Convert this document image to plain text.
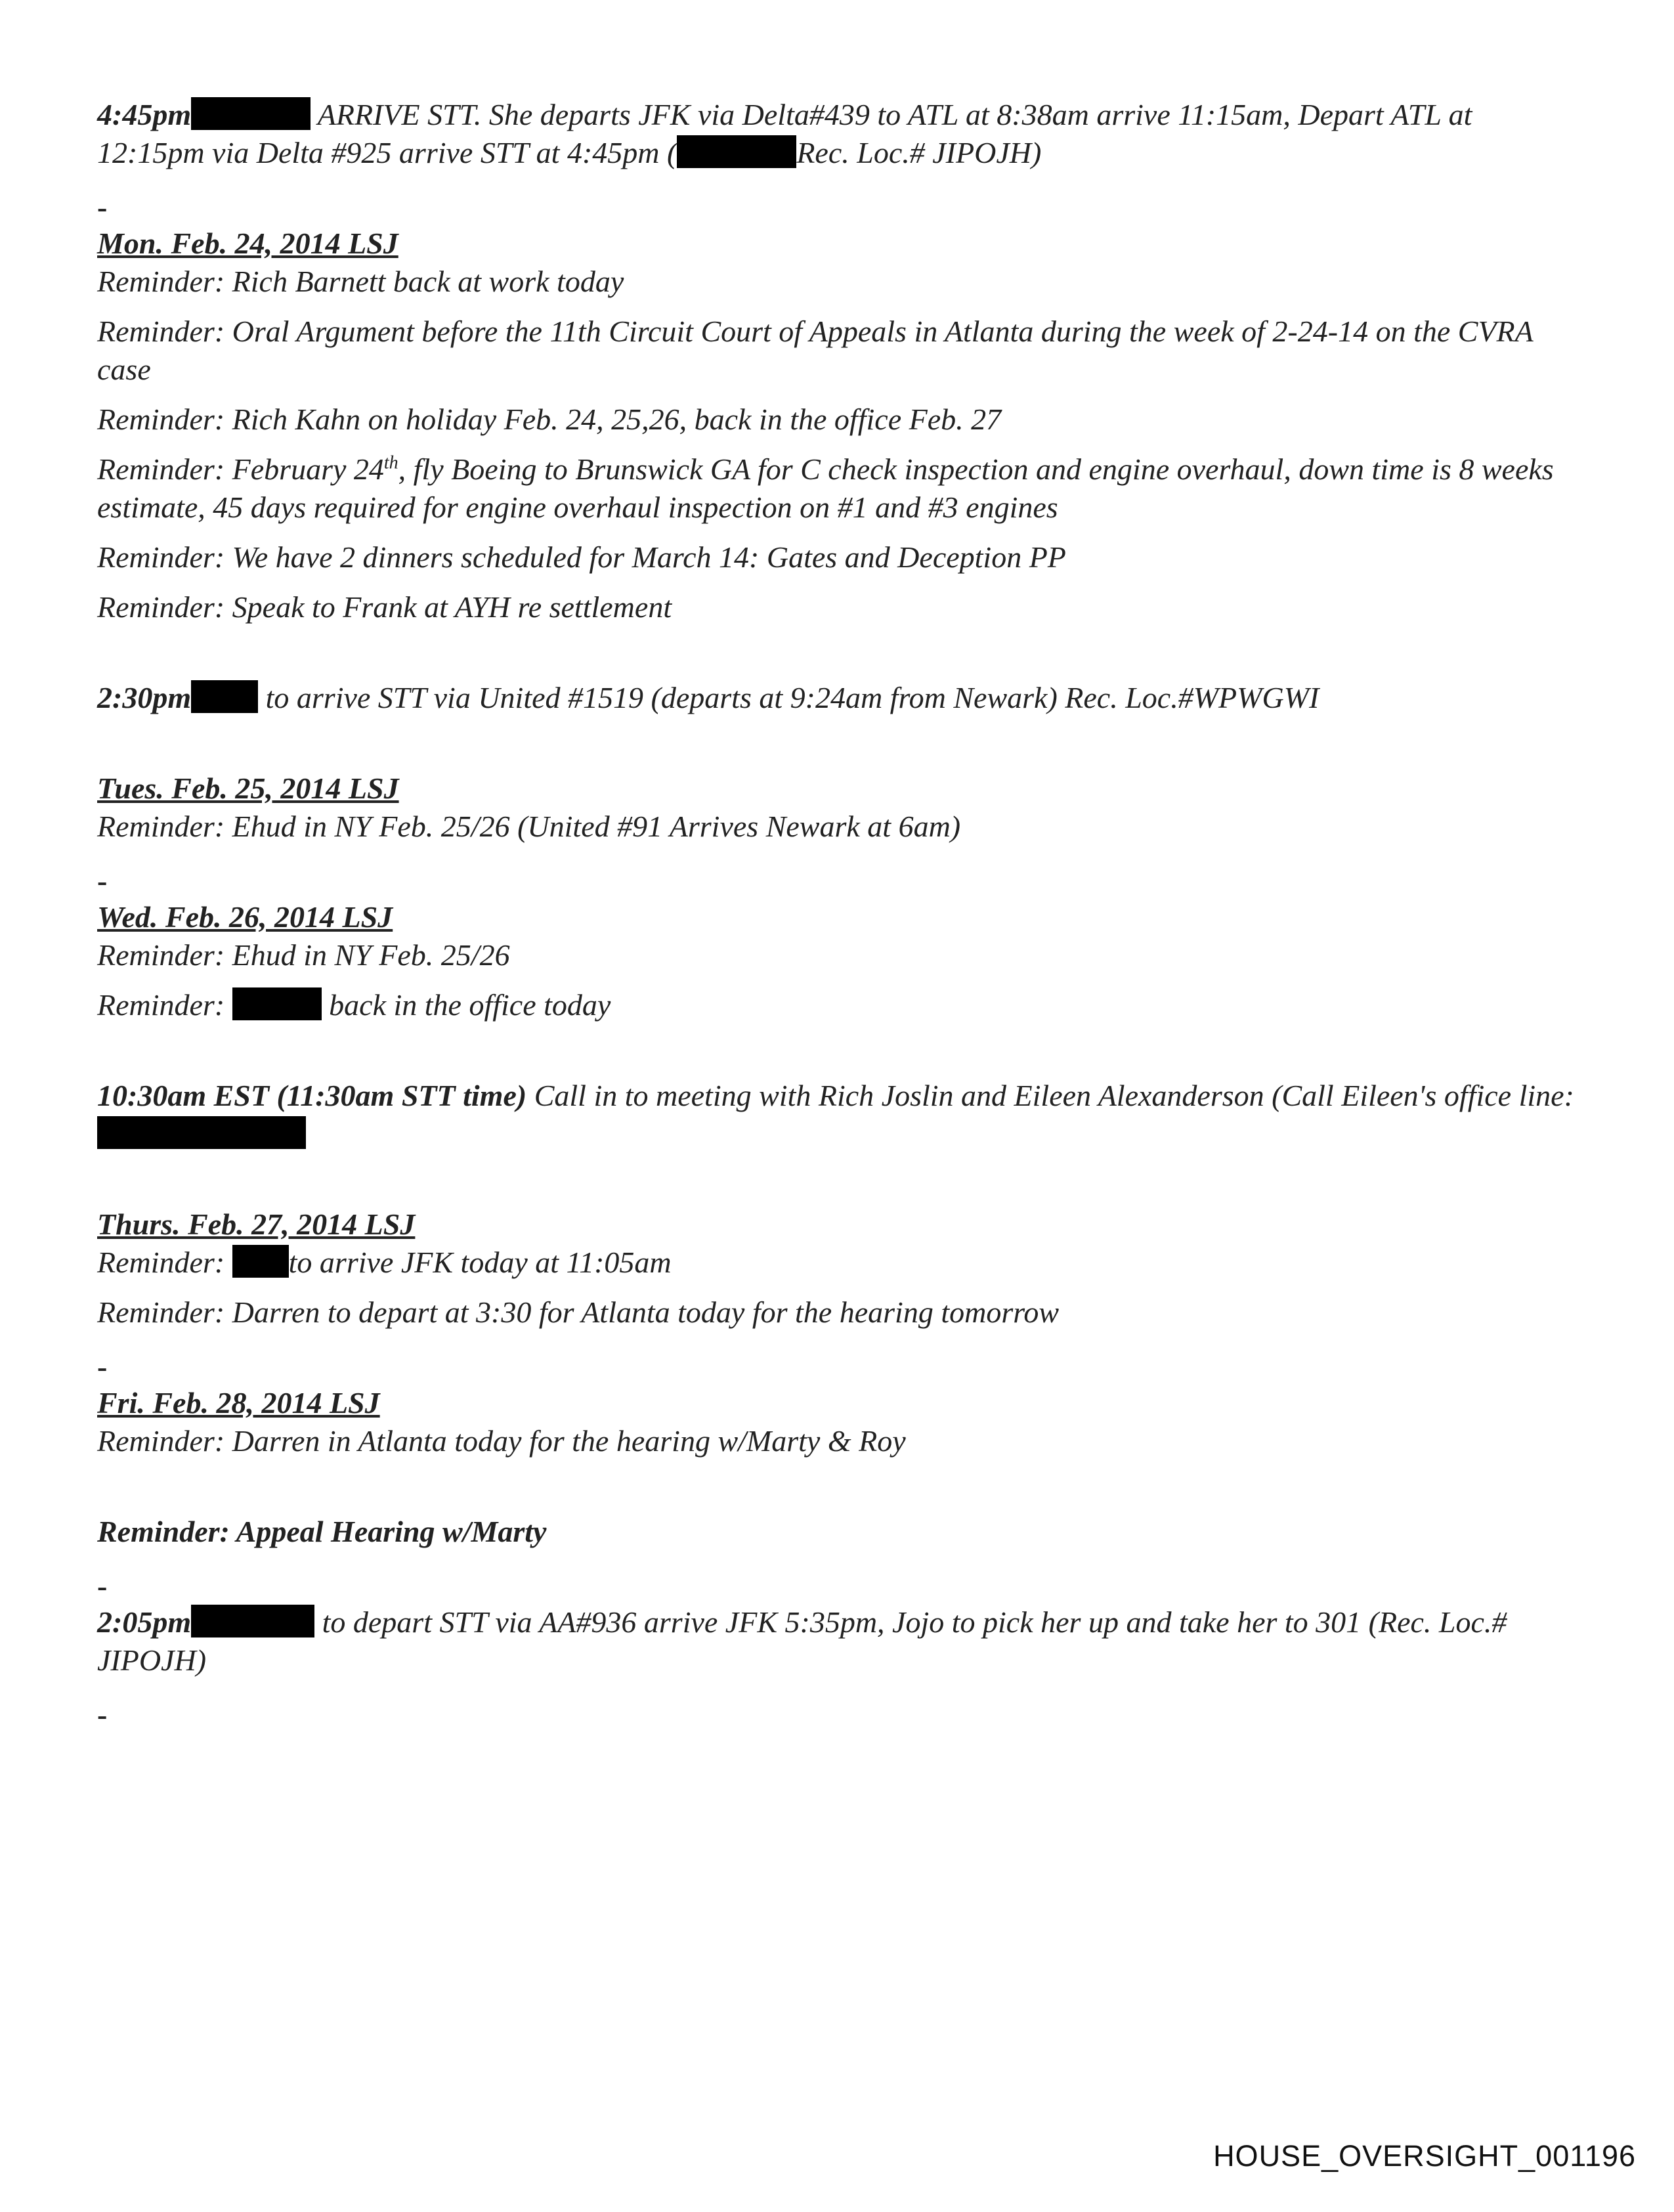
4:45pm	ARRIVE STT. She departs JFK via Delta#439 to ATL at 8:38am arrive 11:15am, Depart ATL at 12:15pm via Delta #925 arrive STT at 4:45pm (	Rec. Loc.# JIPOJH)

-

Mon. Feb. 24, 2014 LSJ

Reminder: Rich Barnett back at work today

Reminder: Oral Argument before the 11th Circuit Court of Appeals in Atlanta during the week of 2-24-14 on the CVRA case

Reminder: Rich Kahn on holiday Feb. 24, 25,26, back in the office Feb. 27

Reminder: February 24th, fly Boeing to Brunswick GA for C check inspection and engine overhaul, down time is 8 weeks estimate, 45 days required for engine overhaul inspection on #1 and #3 engines

Reminder: We have 2 dinners scheduled for March 14: Gates and Deception PP

Reminder: Speak to Frank at AYH re settlement

2:30pm to arrive STT via United #1519 (departs at 9:24am from Newark) Rec. Loc.#WPWGWI

Tues. Feb. 25, 2014 LSJ

Reminder: Ehud in NY Feb. 25/26 (United #91 Arrives Newark at 6am)

-

Wed. Feb. 26, 2014 LSJ

Reminder: Ehud in NY Feb. 25/26

Reminder:	back in the office today

10:30am EST (11:30am STT time) Call in to meeting with Rich Joslin and Eileen Alexanderson (Call Eileen's office line:

Thurs. Feb. 27, 2014 LSJ

Reminder: to arrive JFK today at 11:05am

Reminder: Darren to depart at 3:30 for Atlanta today for the hearing tomorrow

-

Fri. Feb. 28, 2014 LSJ

Reminder: Darren in Atlanta today for the hearing w/Marty & Roy

Reminder: Appeal Hearing w/Marty

-

2:05pm	to depart STT via AA#936 arrive JFK 5:35pm, Jojo to pick her up and take her to 301 (Rec. Loc.# JIPOJH)

-
HOUSE_OVERSIGHT_001196
